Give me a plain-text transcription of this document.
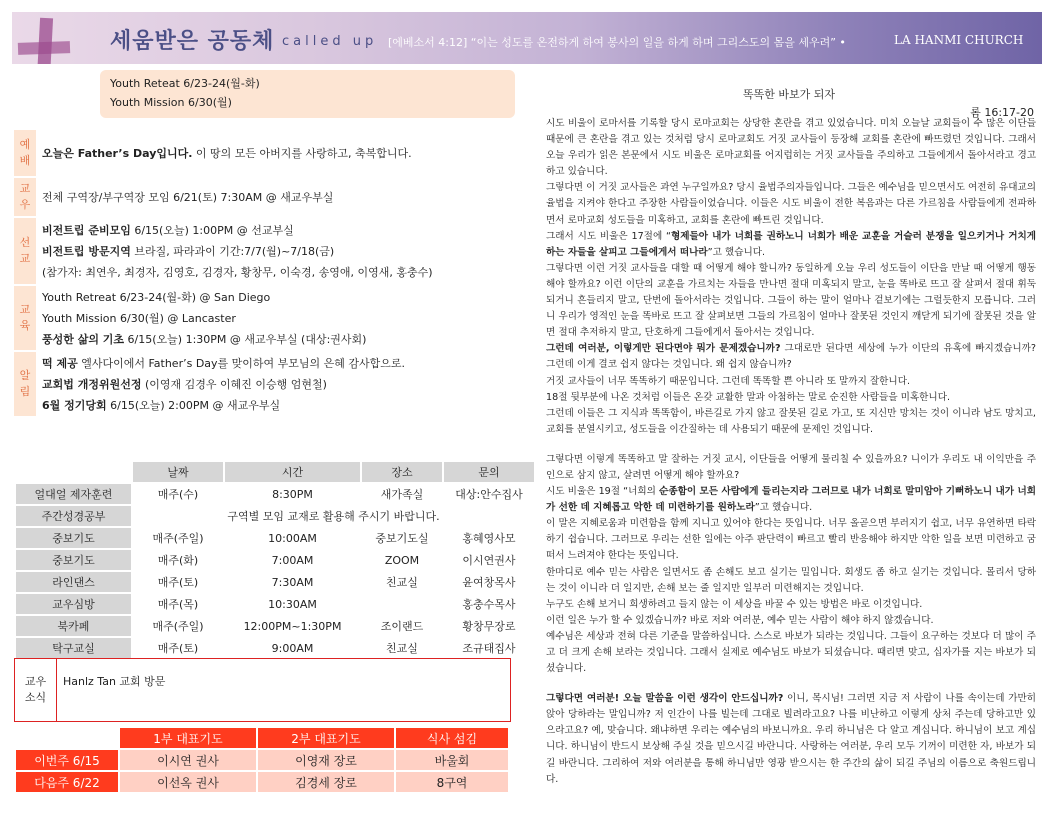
세움받은 공동체 called up [에베소서 4:12] “이는 성도를 온전하게 하여 봉사의 일을 하게 하며 그리스도의 몸을 세우려” •	LA HANMI CHURCH
Youth Reteat 6/23-24(월-화)
Youth Mission 6/30(월)
예
배
오늘은 Father’s Day입니다. 이 땅의 모든 아버지를 사랑하고, 축복합니다.
교
우
전체 구역장/부구역장 모임 6/21(토) 7:30AM @ 새교우부실
선
교
비전트립 준비모임 6/15(오늘) 1:00PM @ 선교부실
비전트립 방문지역 브라질, 파라과이 기간:7/7(월)~7/18(금)
(참가자: 최연우, 최경자, 김영호, 김경자, 황창무, 이숙경, 송영애, 이영새, 홍충수)
교
육
Youth Retreat 6/23-24(월-화) @ San Diego
Youth Mission 6/30(월) @ Lancaster
풍성한 삶의 기초 6/15(오늘) 1:30PM @ 새교우부실 (대상:권사회)
알
림
떡 제공 엘사다이에서 Father’s Day를 맞이하여 부모님의 은혜 감사합으로.
교회법 개정위원선정 (이영재 김경우 이혜진 이승행 엄현철)
6월 정기당회 6/15(오늘) 2:00PM @ 새교우부실
	날짜	시간	장소	문의
얼대얼 제자훈련	매주(수)	8:30PM	새가족실	대상:안수집사
주간성경공부	구역별 모임 교재로 활용해 주시기 바랍니다.			
중보기도	매주(주일)	10:00AM	중보기도실	홍혜영사모
중보기도	매주(화)	7:00AM	ZOOM	이시연권사
라인댄스	매주(토)	7:30AM	친교실	윤여창목사
교우심방	매주(목)	10:30AM		홍충수목사
북카페	매주(주일)	12:00PM~1:30PM	조이랜드	황창무장로
탁구교실	매주(토)	9:00AM	친교실	조규태집사
교우
소식
Hanlz Tan 교회 방문
	1부 대표기도	2부 대표기도	식사 섬김
이번주 6/15	이시연 권사	이영재 장로	바울회
다음주 6/22	이선옥 권사	김경세 장로	8구역
똑똑한 바보가 되자
롬 16:17-20

시도 비울이 로마서를 기록할 당시 로마교회는 상당한 혼란을 겪고 있었습니다. 미치 오늘날 교회들이 수 많은 이단들 때문에 큰 혼란을 겪고 있는 것처럼 당시 로마교회도 거짓 교사들이 등장해 교회를 혼란에 빠뜨렸던 것입니다. 그래서 오늘 우리가 읽은 본문에서 시도 비울은 로마교회를 어지럽히는 거짓 교사들을 주의하고 그들에게서 돌아서라고 경고하고 있습니다.

그렇다면 이 거짓 교사들은 과연 누구일까요? 당시 율법주의자들입니다. 그들은 예수님을 믿으면서도 여전히 유대교의 율법을 지켜야 한다고 주장한 사람들이었습니다. 이들은 시도 비울이 전한 복음과는 다른 가르침을 사람들에게 전파하면서 로마교회 성도들을 미혹하고, 교회를 혼란에 빠트린 것입니다.

그래서 시도 비울은 17절에 “형제들아 내가 너희를 권하노니 너희가 배운 교훈을 거슬러 분쟁을 일으키거나 거치게 하는 자들을 살피고 그들에게서 떠나라”고 했습니다.

그렇다면 이런 거짓 교사들을 대할 때 어떻게 해야 할니까? 동일하게 오늘 우리 성도들이 이단을 만날 때 어떻게 행동해야 할까요? 이런 이단의 교훈을 가르치는 자들을 만나면 절대 미혹되지 말고, 눈을 똑바로 뜨고 잘 살펴서 절대 휘둑되거니 흔들리지 말고, 단번에 돌아서라는 것입니다. 그들이 하는 말이 얼마나 겉보기에는 그럴듯한지 모릅니다. 그러니 우리가 영적인 눈을 똑바로 뜨고 잘 살펴보면 그들의 가르침이 얼마나 잘못된 것인지 깨닫게 되기에 잘못된 것을 알면 절대 추저하지 말고, 단호하게 그들에게서 돌아서는 것입니다.

그런데 여러분, 이렇게만 된다면야 뭐가 문제겠습니까? 그대로만 된다면 세상에 누가 이단의 유혹에 빠지겠습니까? 그런데 이게 결코 쉽지 않다는 것입니다. 왜 쉽지 않습니까?

거짓 교사들이 너무 똑똑하기 때문입니다. 그런데 똑똑할 쁜 아니라 또 말까지 잘한니다.

18절 뒷부분에 나온 것처럼 이들은 온갖 교활한 말과 아첨하는 말로 순진한 사람들을 미혹한니다.

그런데 이들은 그 지식과 똑똑함이, 바른길로 가지 않고 잘못된 길로 가고, 또 지신만 망치는 것이 이니라 남도 망치고, 교회를 분열시키고, 성도들을 이간질하는 데 사용되기 때문에 문제인 것입니다.

그렇다면 이렇게 똑똑하고 말 잘하는 거짓 교시, 이단들을 어떻게 물리칠 수 있을까요? 니이가 우리도 내 이익만을 주인으로 삼지 않고, 살려면 어떻게 해야 할까요?

시도 비울은 19절 “너희의 순종함이 모든 사람에게 들리는지라 그러므로 내가 너희로 말미암아 기뻐하노니 내가 너희가 선한 데 지혜롭고 악한 데 미련하기를 원하노라”고 했습니다.

이 말은 지혜로움과 미련함을 함께 지니고 있어야 한다는 뜻입니다. 너무 올곧으면 부러지기 쉽고, 너무 유연하면 타락하기 쉽습니다. 그러므로 우리는 선한 일에는 아주 판단력이 빠르고 빨리 반응해야 하지만 악한 일을 보면 미련하고 굼떠서 느려져야 한다는 뜻입니다.

한마디로 예수 믿는 사람은 일면서도 좀 손해도 보고 실기는 밀입니다. 회생도 좀 하고 실기는 것입니다. 몰리서 당하는 것이 이니라 더 일지만, 손해 보는 줄 일지만 일부러 미련해지는 것입니다.

누구도 손해 보거니 희생하려고 들지 않는 이 세상을 바꿀 수 있는 방법은 바로 이것입니다.

이런 일은 누가 할 수 있겠습니까? 바로 저와 여러분, 예수 믿는 사람이 해야 하지 않겠습니다.

예수님은 세상과 전혀 다른 기준을 말씀하십니다. 스스로 바보가 되라는 것입니다. 그들이 요구하는 것보다 더 많이 주고 더 크게 손해 보라는 것입니다. 그래서 실제로 예수님도 바보가 되셨습니다. 때리면 맞고, 십자가를 지는 바보가 되셨습니다.

그렇다면 여러분! 오늘 말씀을 이런 생각이 안드십니까? 이니, 목시님! 그러면 지금 저 사람이 나를 속이는데 가만히 앉아 당하라는 말입니까? 저 인간이 나를 빌는데 그대로 빌려라고요? 나를 비난하고 이렇게 상처 주는데 당하고만 있으라고요? 예, 맞습니다. 왜냐하면 우리는 예수님의 바보니까요. 우리 하니님은 다 알고 계십니다. 하니님이 보고 계십니다. 하니님이 반드시 보상해 주실 것을 믿으시길 바란니다. 사랑하는 여러분, 우리 모두 기꺼이 미련한 자, 바보가 되길 바란니다. 그리하여 저와 여러분을 통해 하니님만 영광 받으시는 한 주간의 삶이 되길 주님의 이름으로 축원드립니다.
